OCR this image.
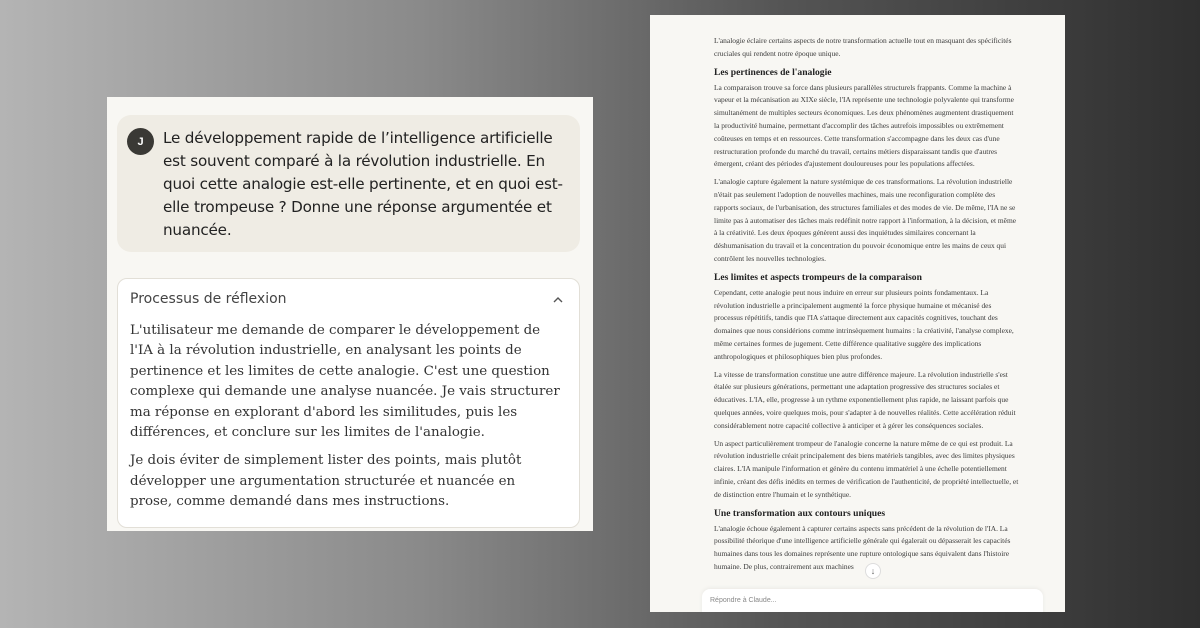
J	Le développement rapide de l’intelligence artificielle est souvent comparé à la révolution industrielle. En quoi cette analogie est-elle pertinente, et en quoi est-elle trompeuse ? Donne une réponse argumentée et nuancée.

Processus de réflexion

L'utilisateur me demande de comparer le développement de l'IA à la révolution industrielle, en analysant les points de pertinence et les limites de cette analogie. C'est une question complexe qui demande une analyse nuancée. Je vais structurer ma réponse en explorant d'abord les similitudes, puis les différences, et conclure sur les limites de l'analogie.

Je dois éviter de simplement lister des points, mais plutôt développer une argumentation structurée et nuancée en prose, comme demandé dans mes instructions.

L'analogie éclaire certains aspects de notre transformation actuelle tout en masquant des spécificités cruciales qui rendent notre époque unique.

Les pertinences de l'analogie

La comparaison trouve sa force dans plusieurs parallèles structurels frappants. Comme la machine à vapeur et la mécanisation au XIXe siècle, l'IA représente une technologie polyvalente qui transforme simultanément de multiples secteurs économiques. Les deux phénomènes augmentent drastiquement la productivité humaine, permettant d'accomplir des tâches autrefois impossibles ou extrêmement coûteuses en temps et en ressources. Cette transformation s'accompagne dans les deux cas d'une restructuration profonde du marché du travail, certains métiers disparaissant tandis que d'autres émergent, créant des périodes d'ajustement douloureuses pour les populations affectées.

L'analogie capture également la nature systémique de ces transformations. La révolution industrielle n'était pas seulement l'adoption de nouvelles machines, mais une reconfiguration complète des rapports sociaux, de l'urbanisation, des structures familiales et des modes de vie. De même, l'IA ne se limite pas à automatiser des tâches mais redéfinit notre rapport à l'information, à la décision, et même à la créativité. Les deux époques génèrent aussi des inquiétudes similaires concernant la déshumanisation du travail et la concentration du pouvoir économique entre les mains de ceux qui contrôlent les nouvelles technologies.

Les limites et aspects trompeurs de la comparaison

Cependant, cette analogie peut nous induire en erreur sur plusieurs points fondamentaux. La révolution industrielle a principalement augmenté la force physique humaine et mécanisé des processus répétitifs, tandis que l'IA s'attaque directement aux capacités cognitives, touchant des domaines que nous considérions comme intrinsèquement humains : la créativité, l'analyse complexe, même certaines formes de jugement. Cette différence qualitative suggère des implications anthropologiques et philosophiques bien plus profondes.

La vitesse de transformation constitue une autre différence majeure. La révolution industrielle s'est étalée sur plusieurs générations, permettant une adaptation progressive des structures sociales et éducatives. L'IA, elle, progresse à un rythme exponentiellement plus rapide, ne laissant parfois que quelques années, voire quelques mois, pour s'adapter à de nouvelles réalités. Cette accélération réduit considérablement notre capacité collective à anticiper et à gérer les conséquences sociales.

Un aspect particulièrement trompeur de l'analogie concerne la nature même de ce qui est produit. La révolution industrielle créait principalement des biens matériels tangibles, avec des limites physiques claires. L'IA manipule l'information et génère du contenu immatériel à une échelle potentiellement infinie, créant des défis inédits en termes de vérification de l'authenticité, de propriété intellectuelle, et de distinction entre l'humain et le synthétique.

Une transformation aux contours uniques

L'analogie échoue également à capturer certains aspects sans précédent de la révolution de l'IA. La possibilité théorique d'une intelligence artificielle générale qui égalerait ou dépasserait les capacités humaines dans tous les domaines représente une rupture ontologique sans équivalent dans l'histoire humaine. De plus, contrairement aux machines	↓
Répondre à Claude...
